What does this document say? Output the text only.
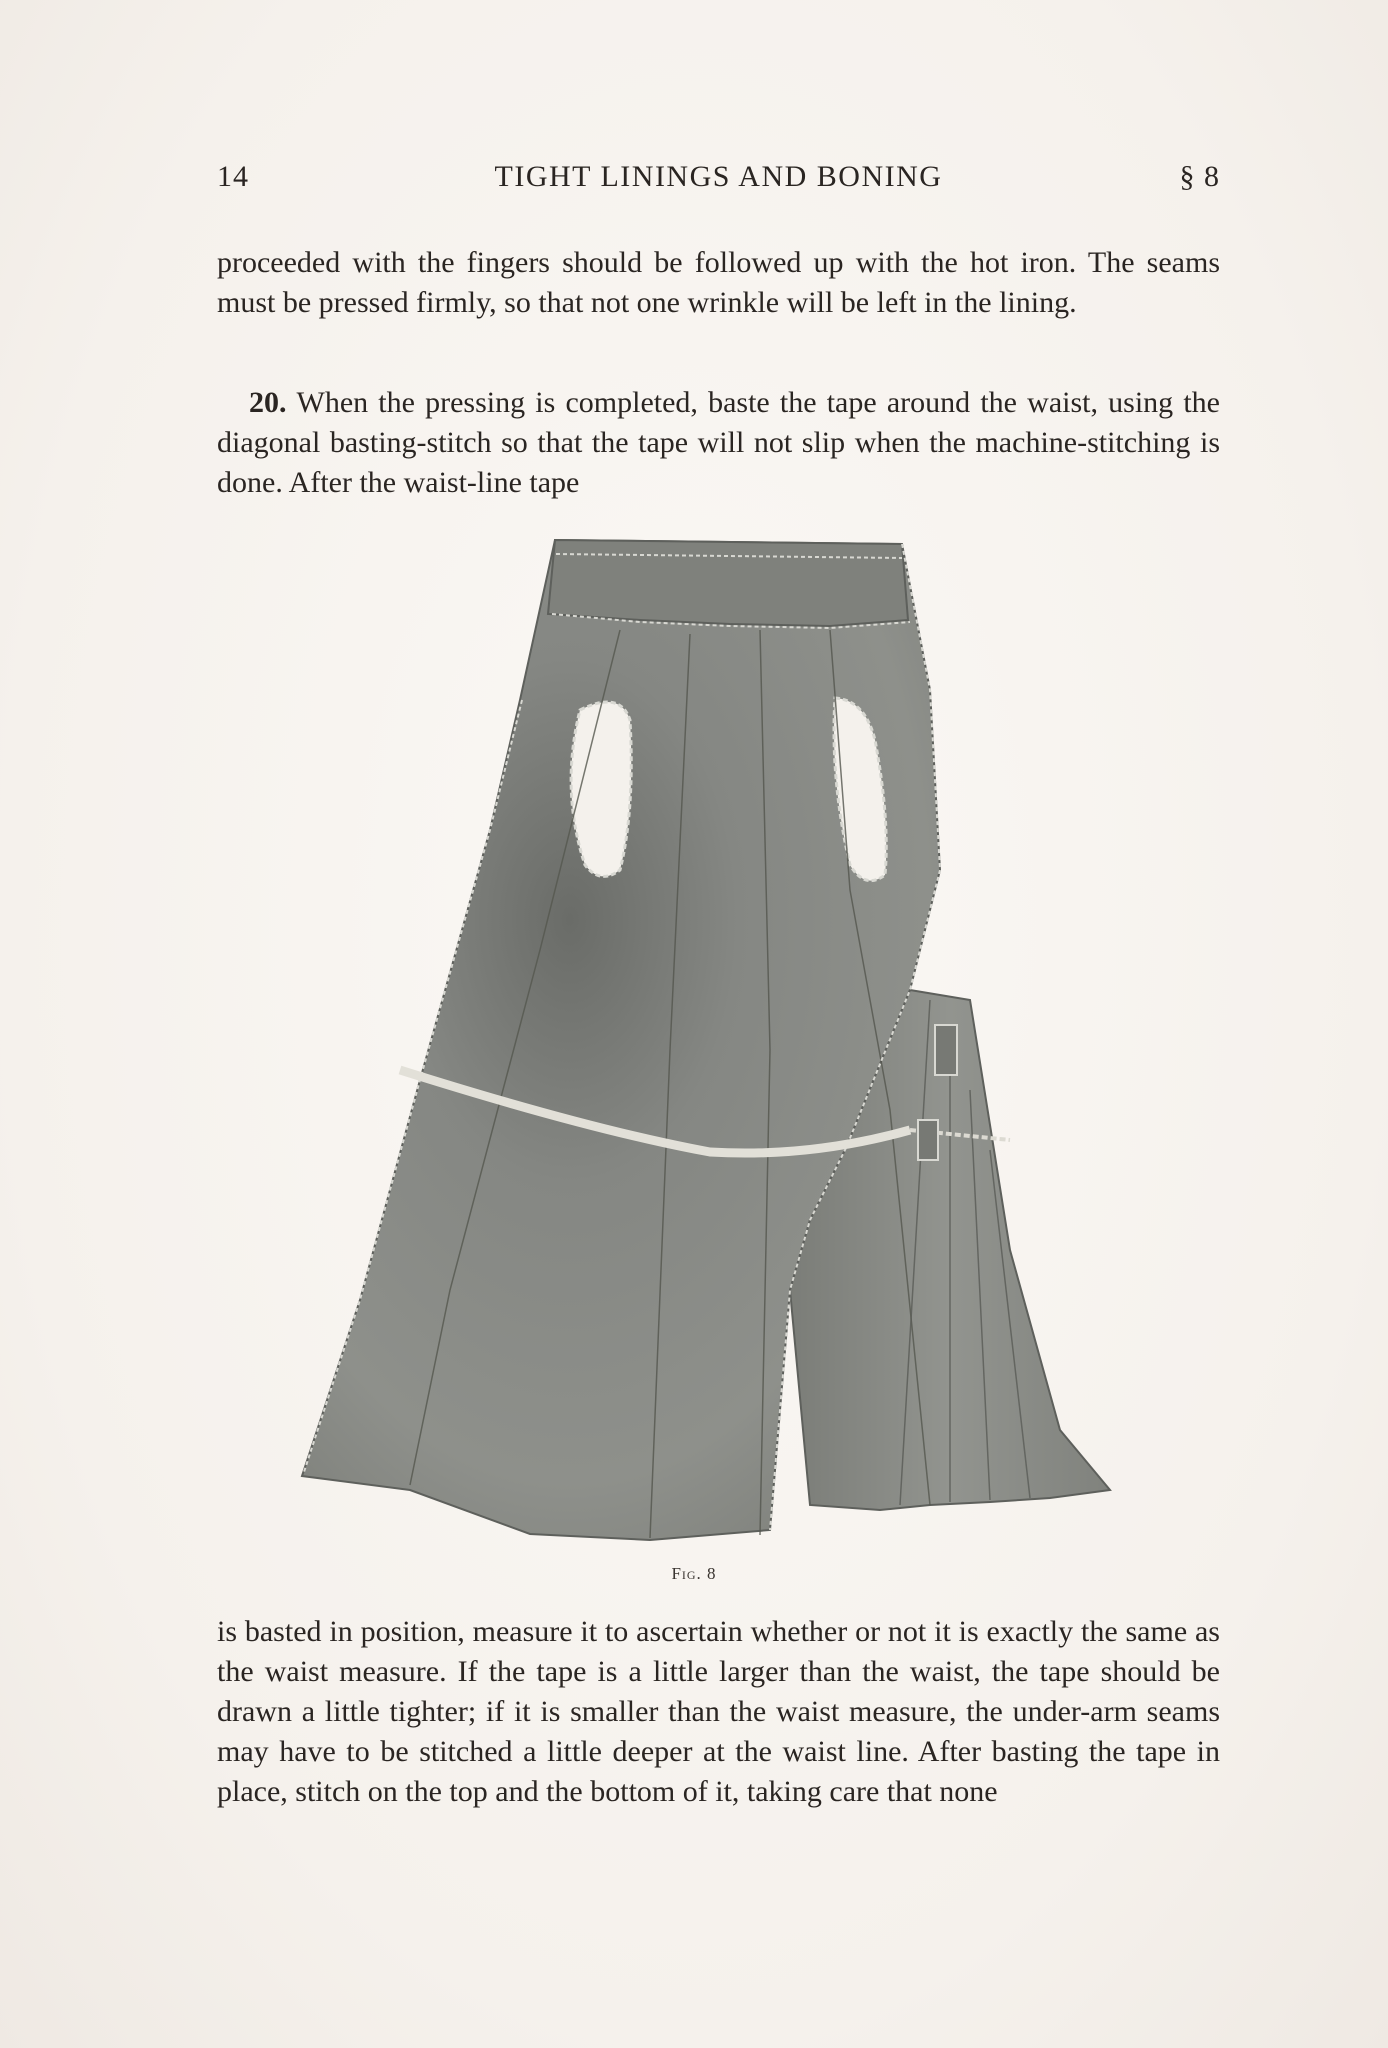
14	TIGHT LININGS AND BONING	§ 8

proceeded with the fingers should be followed up with the hot iron. The seams must be pressed firmly, so that not one wrinkle will be left in the lining.

20. When the pressing is completed, baste the tape around the waist, using the diagonal basting-stitch so that the tape will not slip when the machine-stitching is done. After the waist-line tape

Fig. 8

is basted in position, measure it to ascertain whether or not it is exactly the same as the waist measure. If the tape is a little larger than the waist, the tape should be drawn a little tighter; if it is smaller than the waist measure, the under-arm seams may have to be stitched a little deeper at the waist line. After basting the tape in place, stitch on the top and the bottom of it, taking care that none
